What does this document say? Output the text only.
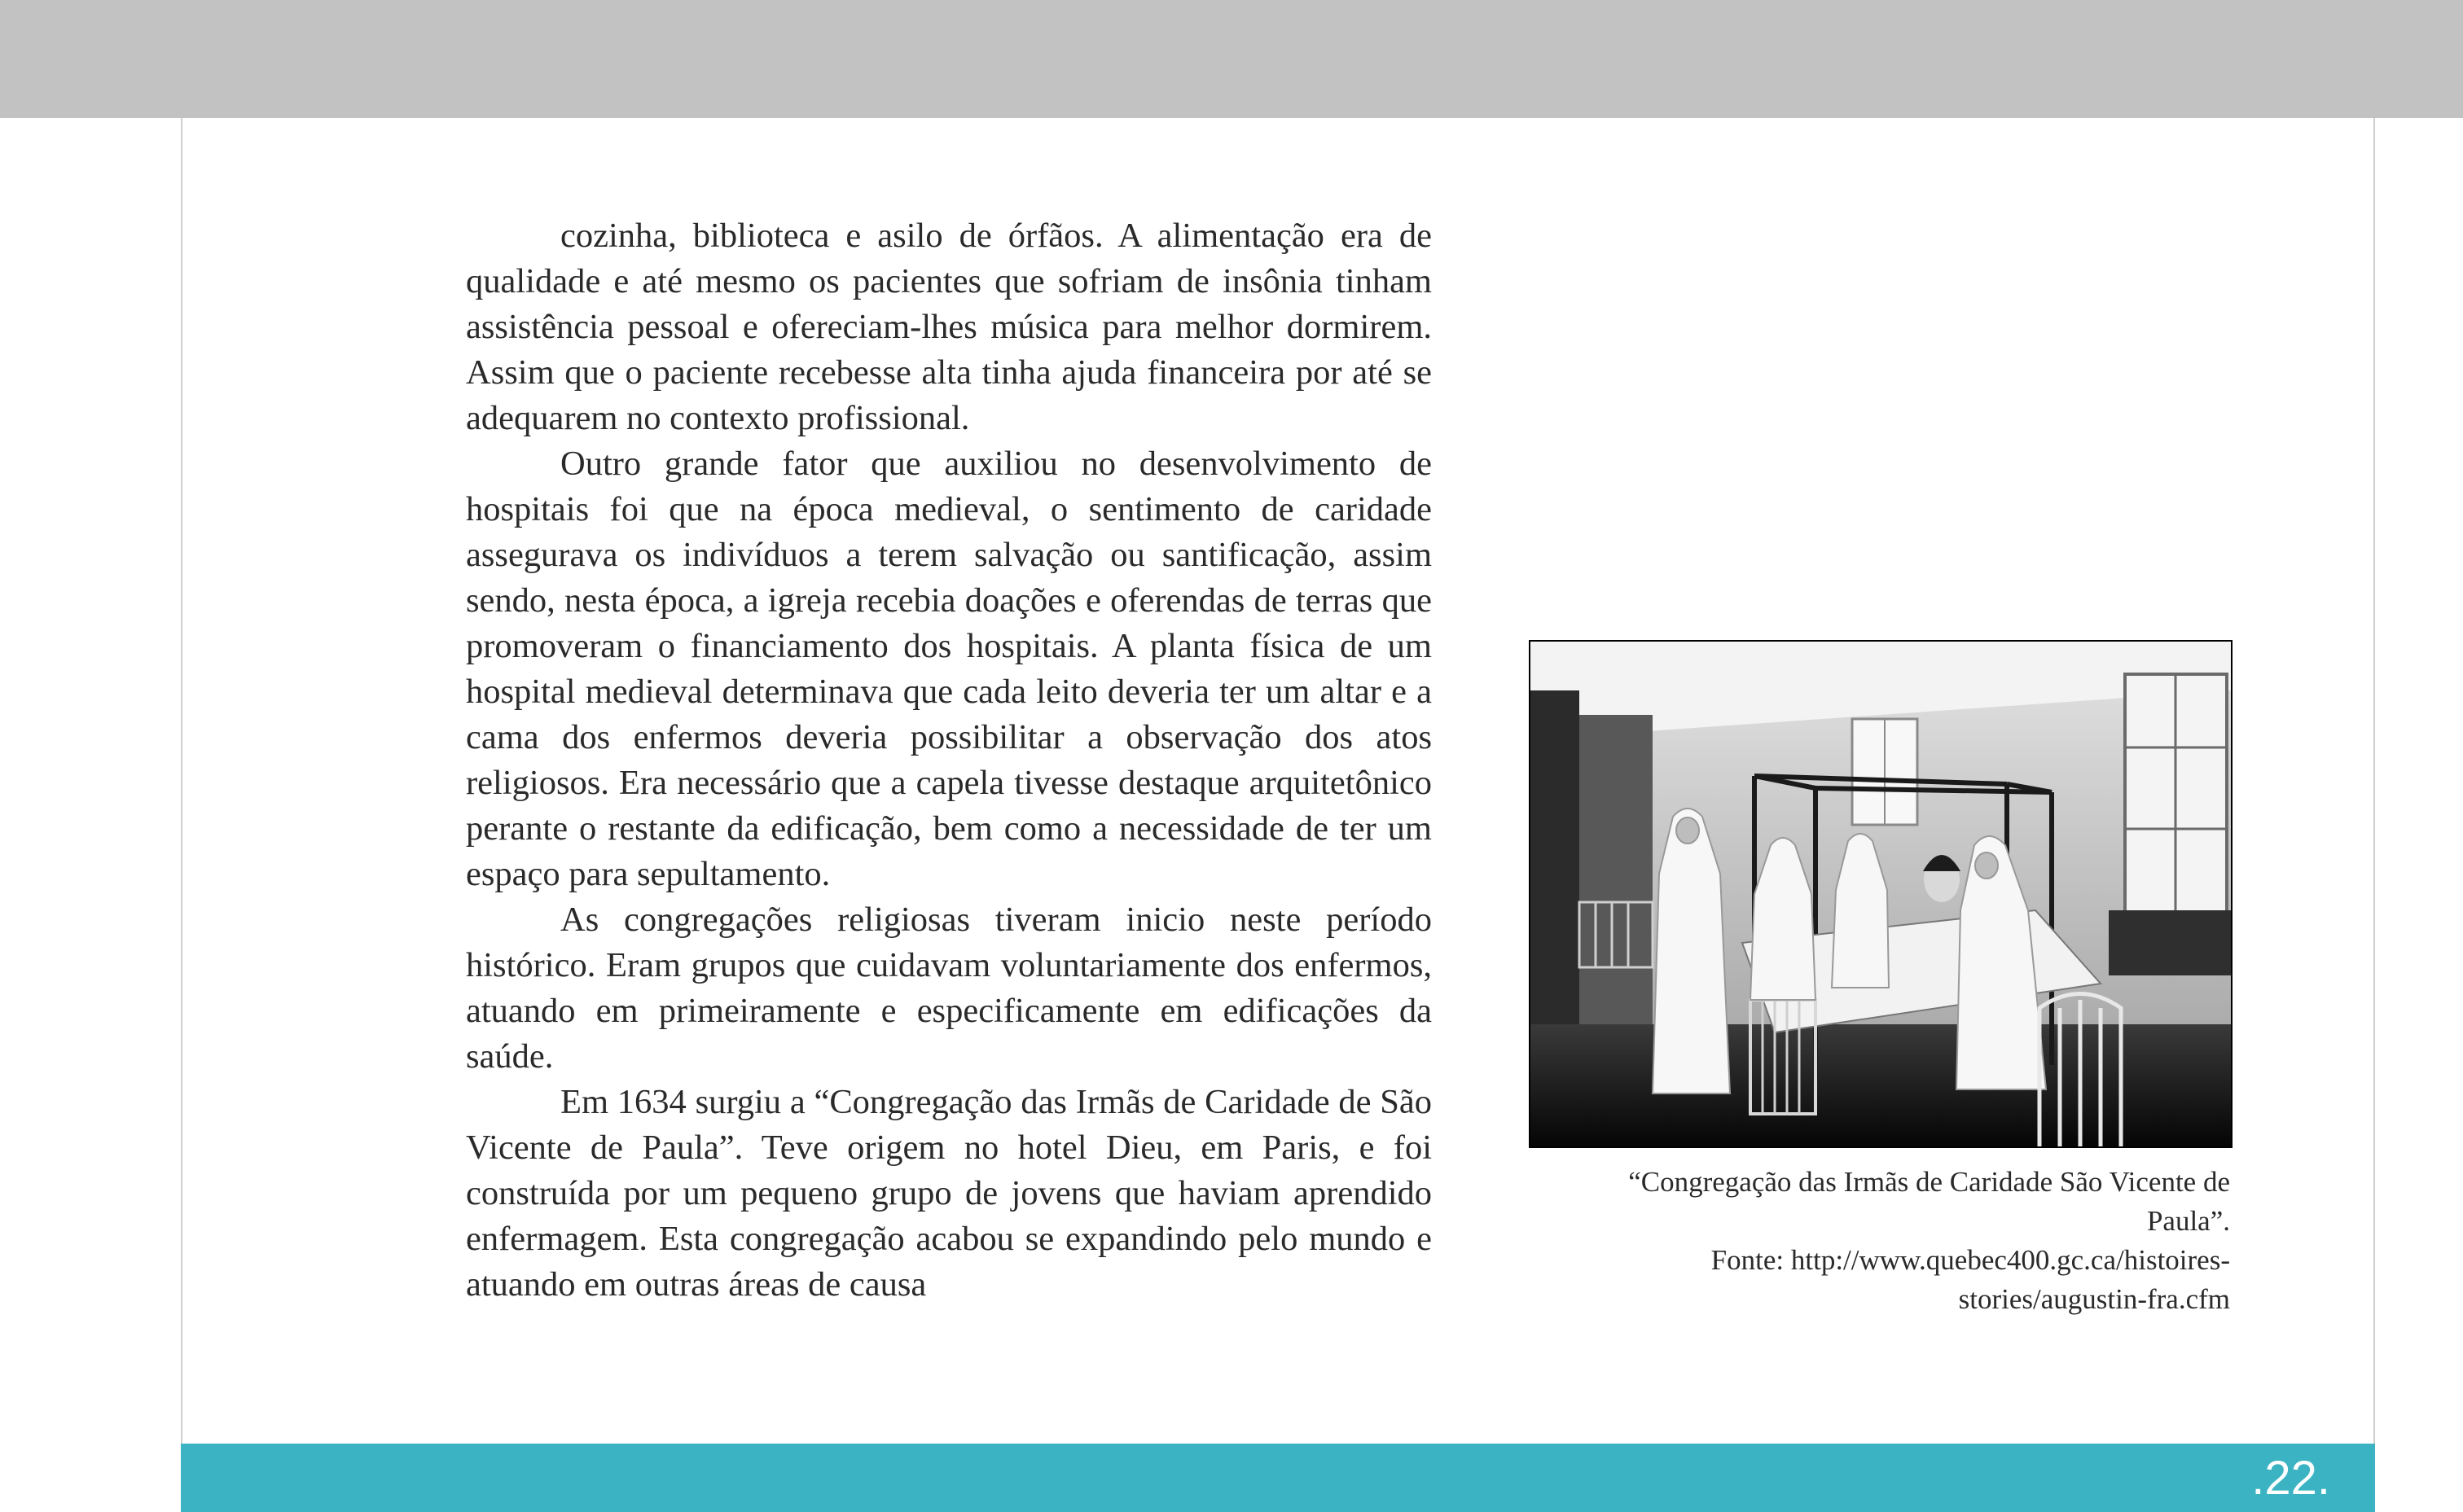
cozinha, biblioteca e asilo de órfãos. A alimentação era de qualidade e até mesmo os pacientes que sofriam de insônia tinham assistência pessoal e ofereciam-lhes música para melhor dormirem. Assim que o paciente recebesse alta tinha ajuda financeira por até se adequarem no contexto profissional.

Outro grande fator que auxiliou no desenvolvimento de hospitais foi que na época medieval, o sentimento de caridade assegurava os indivíduos a terem salvação ou santificação, assim sendo, nesta época, a igreja recebia doações e oferendas de terras que promoveram o financiamento dos hospitais. A planta física de um hospital medieval determinava que cada leito deveria ter um altar e a cama dos enfermos deveria possibilitar a observação dos atos religiosos. Era necessário que a capela tivesse destaque arquitetônico perante o restante da edificação, bem como a necessidade de ter um espaço para sepultamento.

As congregações religiosas tiveram inicio neste período histórico. Eram grupos que cuidavam voluntariamente dos enfermos, atuando em primeiramente e especificamente em edificações da saúde.

Em 1634 surgiu a “Congregação das Irmãs de Caridade de São Vicente de Paula”. Teve origem no hotel Dieu, em Paris, e foi construída por um pequeno grupo de jovens que haviam aprendido enfermagem. Esta congregação acabou se expandindo pelo mundo e atuando em outras áreas de causa

“Congregação das Irmãs de Caridade São Vicente de
Paula”.
Fonte: http://www.quebec400.gc.ca/histoires-
stories/augustin-fra.cfm
.22.
